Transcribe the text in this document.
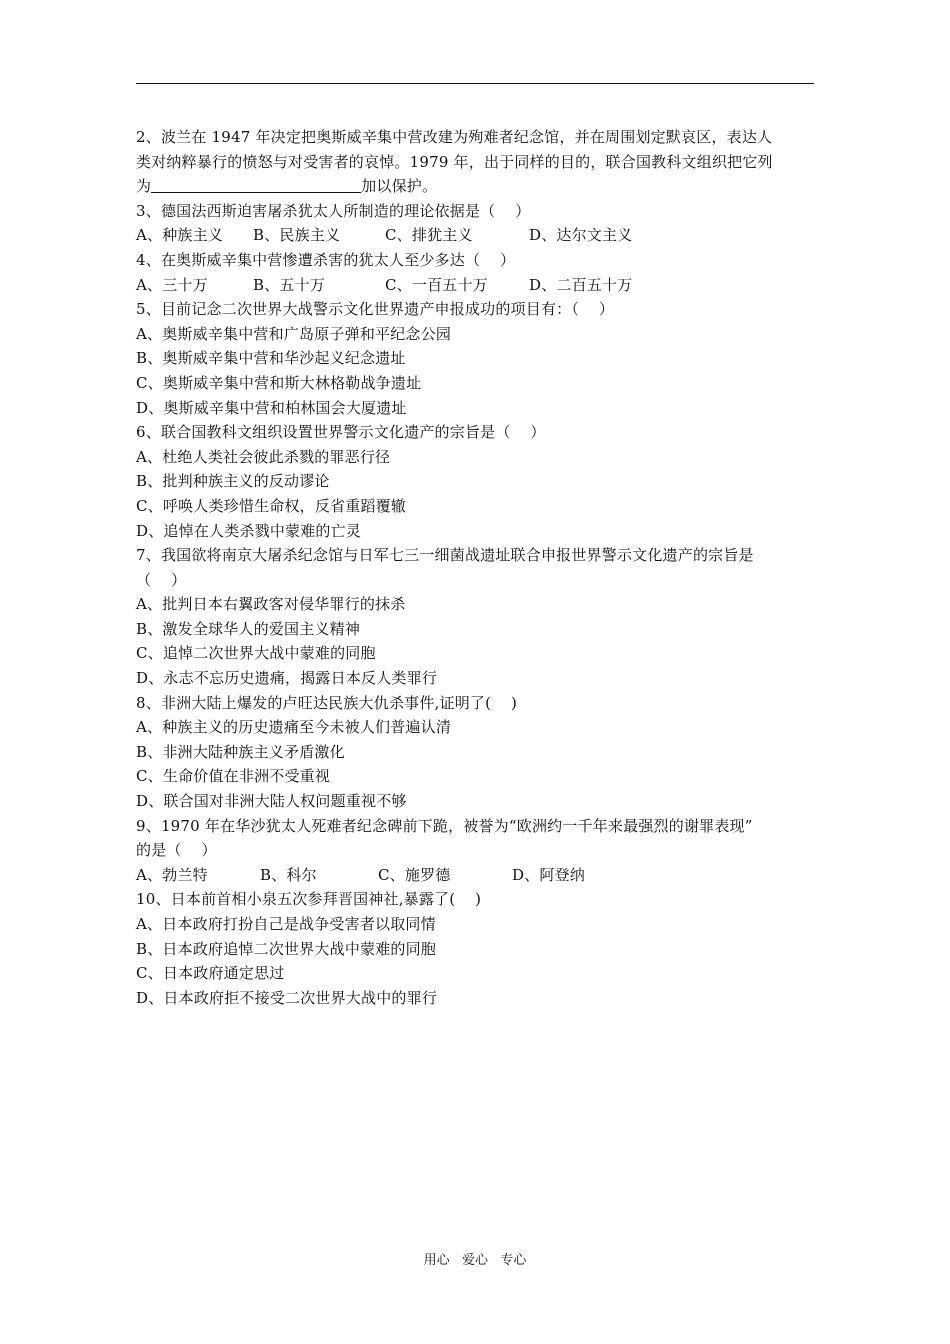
2、波兰在 1947 年决定把奥斯威辛集中营改建为殉难者纪念馆，并在周围划定默哀区，表达人
类对纳粹暴行的愤怒与对受害者的哀悼。1979 年，出于同样的目的，联合国教科文组织把它列
为	加以保护。
3、德国法西斯迫害屠杀犹太人所制造的理论依据是（    ）
A、种族主义	B、民族主义	C、排犹主义	D、达尔文主义
4、在奥斯威辛集中营惨遭杀害的犹太人至少多达（    ）
A、三十万	B、五十万	C、一百五十万	D、二百五十万
5、目前记念二次世界大战警示文化世界遗产申报成功的项目有：（    ）
A、奥斯威辛集中营和广岛原子弹和平纪念公园
B、奥斯威辛集中营和华沙起义纪念遗址
C、奥斯威辛集中营和斯大林格勒战争遗址
D、奥斯威辛集中营和柏林国会大厦遗址
6、联合国教科文组织设置世界警示文化遗产的宗旨是（    ）
A、杜绝人类社会彼此杀戮的罪恶行径
B、批判种族主义的反动谬论
C、呼唤人类珍惜生命权，反省重蹈覆辙
D、追悼在人类杀戮中蒙难的亡灵
7、我国欲将南京大屠杀纪念馆与日军七三一细菌战遗址联合申报世界警示文化遗产的宗旨是
（    ）
A、批判日本右翼政客对侵华罪行的抹杀
B、激发全球华人的爱国主义精神
C、追悼二次世界大战中蒙难的同胞
D、永志不忘历史遗痛，揭露日本反人类罪行
8、非洲大陆上爆发的卢旺达民族大仇杀事件,证明了(    )
A、种族主义的历史遗痛至今未被人们普遍认清
B、非洲大陆种族主义矛盾激化
C、生命价值在非洲不受重视
D、联合国对非洲大陆人权问题重视不够
9、1970 年在华沙犹太人死难者纪念碑前下跪，被誉为“欧洲约一千年来最强烈的谢罪表现”
的是（    ）
A、勃兰特	B、科尔	C、施罗德	D、阿登纳
10、日本前首相小泉五次参拜晋国神社,暴露了(    )
A、日本政府打扮自己是战争受害者以取同情
B、日本政府追悼二次世界大战中蒙难的同胞
C、日本政府通定思过
D、日本政府拒不接受二次世界大战中的罪行
用心   爱心   专心
